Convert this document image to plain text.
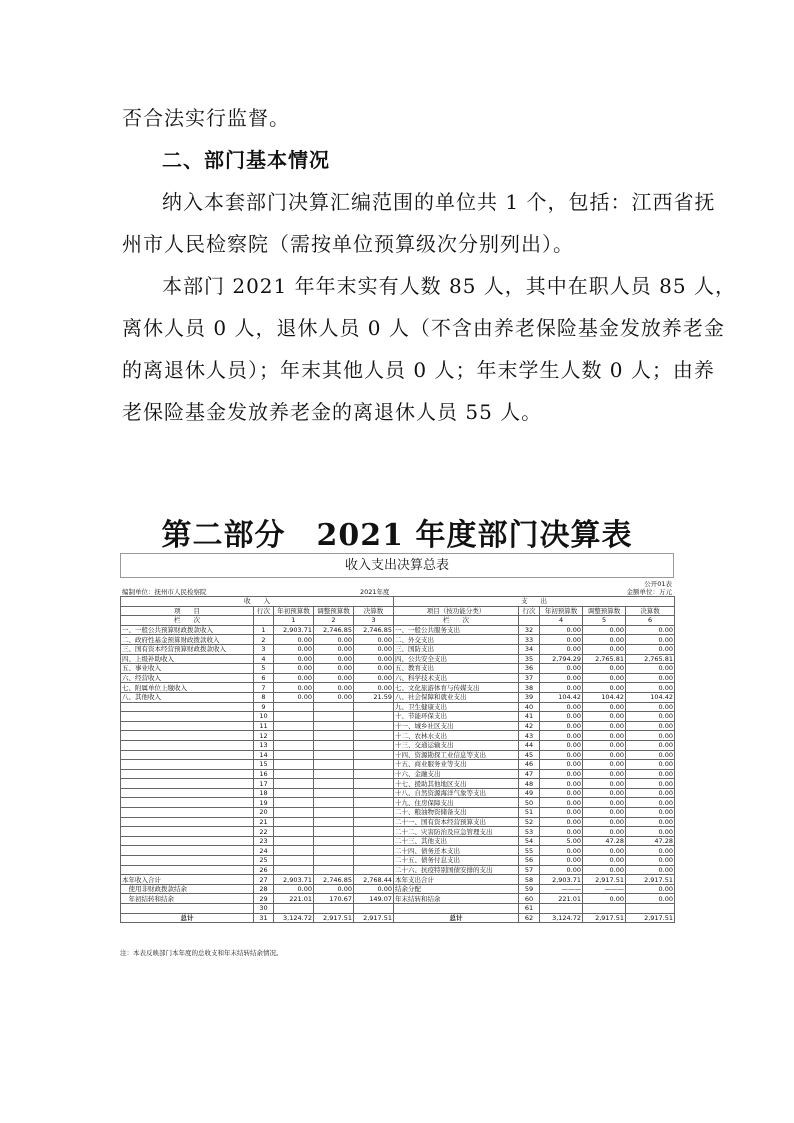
否合法实行监督。
二、部门基本情况
纳入本套部门决算汇编范围的单位共 1 个，包括：江西省抚
州市人民检察院（需按单位预算级次分别列出）。
本部门 2021 年年末实有人数 85 人，其中在职人员 85 人，
离休人员 0 人，退休人员 0 人（不含由养老保险基金发放养老金
的离退休人员）；年末其他人员 0 人；年末学生人数 0 人；由养
老保险基金发放养老金的离退休人员 55 人。
第二部分　2021 年度部门决算表
收入支出决算总表
公开01表
编制单位：抚州市人民检察院	2021年度	金额单位：万元
收　　入					支　　出				
项　　目	行次	年初预算数	调整预算数	决算数	项目（按功能分类）	行次	年初预算数	调整预算数	决算数
栏　　次		1	2	3	栏　　次		4	5	6
一、一般公共预算财政拨款收入	1	2,903.71	2,746.85	2,746.85	一、一般公共服务支出	32	0.00	0.00	0.00
二、政府性基金预算财政拨款收入	2	0.00	0.00	0.00	二、外交支出	33	0.00	0.00	0.00
三、国有资本经营预算财政拨款收入	3	0.00	0.00	0.00	三、国防支出	34	0.00	0.00	0.00
四、上级补助收入	4	0.00	0.00	0.00	四、公共安全支出	35	2,794.29	2,765.81	2,765.81
五、事业收入	5	0.00	0.00	0.00	五、教育支出	36	0.00	0.00	0.00
六、经营收入	6	0.00	0.00	0.00	六、科学技术支出	37	0.00	0.00	0.00
七、附属单位上缴收入	7	0.00	0.00	0.00	七、文化旅游体育与传媒支出	38	0.00	0.00	0.00
八、其他收入	8	0.00	0.00	21.59	八、社会保障和就业支出	39	104.42	104.42	104.42
	9				九、卫生健康支出	40	0.00	0.00	0.00
	10				十、节能环保支出	41	0.00	0.00	0.00
	11				十一、城乡社区支出	42	0.00	0.00	0.00
	12				十二、农林水支出	43	0.00	0.00	0.00
	13				十三、交通运输支出	44	0.00	0.00	0.00
	14				十四、资源勘探工业信息等支出	45	0.00	0.00	0.00
	15				十五、商业服务业等支出	46	0.00	0.00	0.00
	16				十六、金融支出	47	0.00	0.00	0.00
	17				十七、援助其他地区支出	48	0.00	0.00	0.00
	18				十八、自然资源海洋气象等支出	49	0.00	0.00	0.00
	19				十九、住房保障支出	50	0.00	0.00	0.00
	20				二十、粮油物资储备支出	51	0.00	0.00	0.00
	21				二十一、国有资本经营预算支出	52	0.00	0.00	0.00
	22				二十二、灾害防治及应急管理支出	53	0.00	0.00	0.00
	23				二十三、其他支出	54	5.00	47.28	47.28
	24				二十四、债务还本支出	55	0.00	0.00	0.00
	25				二十五、债务付息支出	56	0.00	0.00	0.00
	26				二十六、抗疫特别国债安排的支出	57	0.00	0.00	0.00
本年收入合计	27	2,903.71	2,746.85	2,768.44	本年支出合计	58	2,903.71	2,917.51	2,917.51
　使用非财政拨款结余	28	0.00	0.00	0.00	结余分配	59	———	———	0.00
　年初结转和结余	29	221.01	170.67	149.07	年末结转和结余	60	221.01	0.00	0.00
	30					61			
总计	31	3,124.72	2,917.51	2,917.51	总计	62	3,124.72	2,917.51	2,917.51
注：本表反映部门本年度的总收支和年末结转结余情况。
